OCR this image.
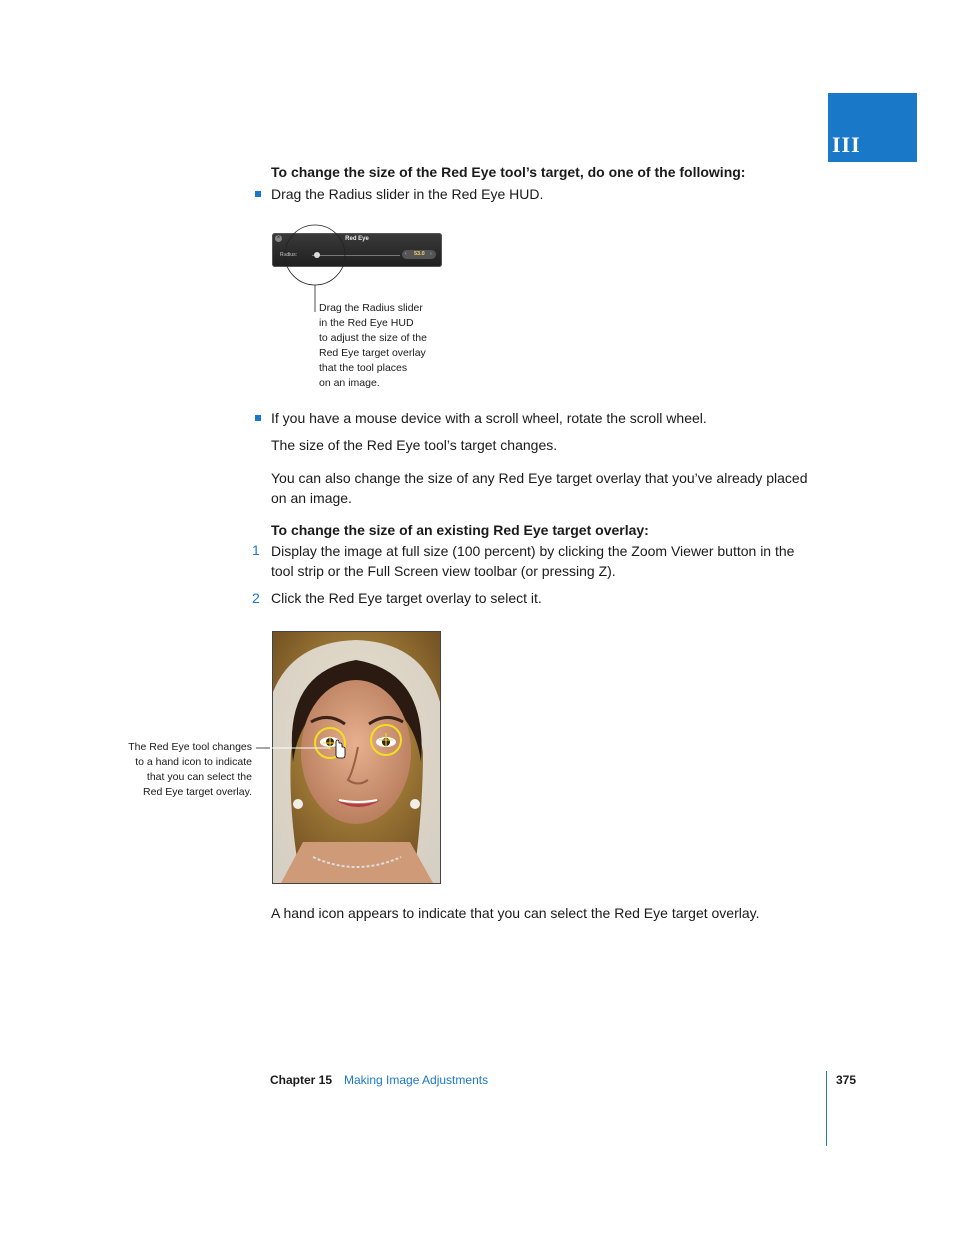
III
To change the size of the Red Eye tool’s target, do one of the following:
Drag the Radius slider in the Red Eye HUD.
×	Red Eye
Radius:	‹ 53.0 ›
Drag the Radius slider
in the Red Eye HUD
to adjust the size of the
Red Eye target overlay
that the tool places
on an image.
If you have a mouse device with a scroll wheel, rotate the scroll wheel.
The size of the Red Eye tool’s target changes.
You can also change the size of any Red Eye target overlay that you’ve already placed
on an image.
To change the size of an existing Red Eye target overlay:
1 Display the image at full size (100 percent) by clicking the Zoom Viewer button in the
tool strip or the Full Screen view toolbar (or pressing Z).
2 Click the Red Eye target overlay to select it.
The Red Eye tool changes
to a hand icon to indicate
that you can select the
Red Eye target overlay.
A hand icon appears to indicate that you can select the Red Eye target overlay.
Chapter 15 Making Image Adjustments	375
